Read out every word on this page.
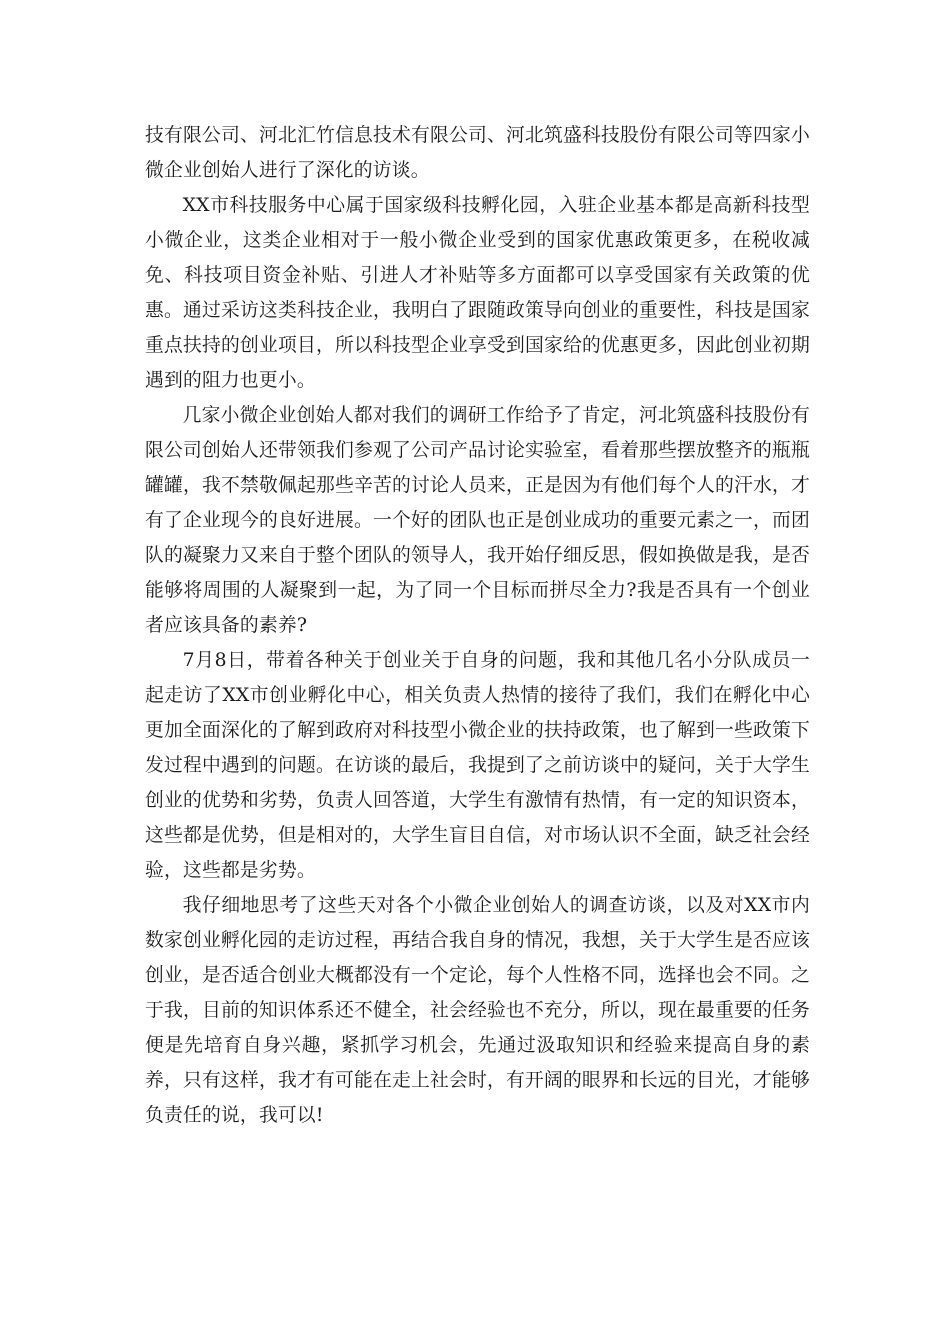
技有限公司、河北汇竹信息技术有限公司、河北筑盛科技股份有限公司等四家小微企业创始人进行了深化的访谈。

XX市科技服务中心属于国家级科技孵化园，入驻企业基本都是高新科技型小微企业，这类企业相对于一般小微企业受到的国家优惠政策更多，在税收减免、科技项目资金补贴、引进人才补贴等多方面都可以享受国家有关政策的优惠。通过采访这类科技企业，我明白了跟随政策导向创业的重要性，科技是国家重点扶持的创业项目，所以科技型企业享受到国家给的优惠更多，因此创业初期遇到的阻力也更小。

几家小微企业创始人都对我们的调研工作给予了肯定，河北筑盛科技股份有限公司创始人还带领我们参观了公司产品讨论实验室，看着那些摆放整齐的瓶瓶罐罐，我不禁敬佩起那些辛苦的讨论人员来，正是因为有他们每个人的汗水，才有了企业现今的良好进展。一个好的团队也正是创业成功的重要元素之一，而团队的凝聚力又来自于整个团队的领导人，我开始仔细反思，假如换做是我，是否能够将周围的人凝聚到一起，为了同一个目标而拼尽全力?我是否具有一个创业者应该具备的素养?

7月8日，带着各种关于创业关于自身的问题，我和其他几名小分队成员一起走访了XX市创业孵化中心，相关负责人热情的接待了我们，我们在孵化中心更加全面深化的了解到政府对科技型小微企业的扶持政策，也了解到一些政策下发过程中遇到的问题。在访谈的最后，我提到了之前访谈中的疑问，关于大学生创业的优势和劣势，负责人回答道，大学生有激情有热情，有一定的知识资本，这些都是优势，但是相对的，大学生盲目自信，对市场认识不全面，缺乏社会经验，这些都是劣势。

我仔细地思考了这些天对各个小微企业创始人的调查访谈，以及对XX市内数家创业孵化园的走访过程，再结合我自身的情况，我想，关于大学生是否应该创业，是否适合创业大概都没有一个定论，每个人性格不同，选择也会不同。之于我，目前的知识体系还不健全，社会经验也不充分，所以，现在最重要的任务便是先培育自身兴趣，紧抓学习机会，先通过汲取知识和经验来提高自身的素养，只有这样，我才有可能在走上社会时，有开阔的眼界和长远的目光，才能够负责任的说，我可以!
